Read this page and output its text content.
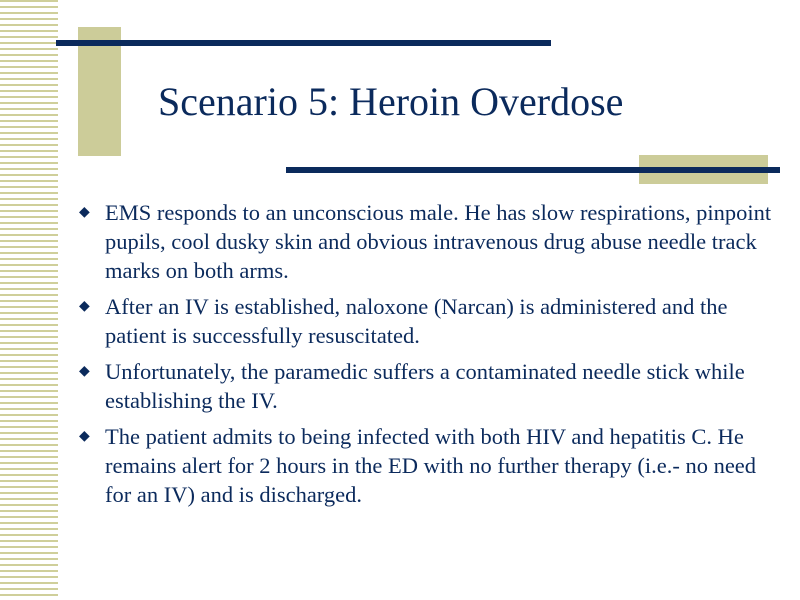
Scenario 5: Heroin Overdose
◆ EMS responds to an unconscious male. He has slow respirations, pinpoint pupils, cool dusky skin and obvious intravenous drug abuse needle track marks on both arms.
◆ After an IV is established, naloxone (Narcan) is administered and the patient is successfully resuscitated.
◆ Unfortunately, the paramedic suffers a contaminated needle stick while establishing the IV.
◆ The patient admits to being infected with both HIV and hepatitis C. He remains alert for 2 hours in the ED with no further therapy (i.e.- no need for an IV) and is discharged.
